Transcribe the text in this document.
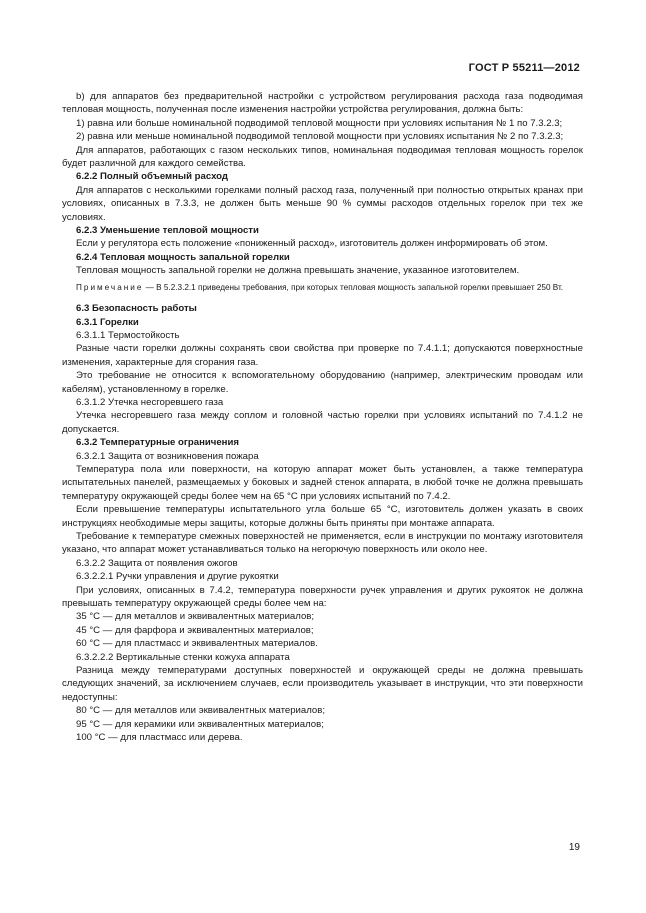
ГОСТ Р 55211—2012

b) для аппаратов без предварительной настройки с устройством регулирования расхода газа подводимая тепловая мощность, полученная после изменения настройки устройства регулирования, должна быть:

1) равна или больше номинальной подводимой тепловой мощности при условиях испытания № 1 по 7.3.2.3;

2) равна или меньше номинальной подводимой тепловой мощности при условиях испытания № 2 по 7.3.2.3;

Для аппаратов, работающих с газом нескольких типов, номинальная подводимая тепловая мощность горелок будет различной для каждого семейства.

6.2.2 Полный объемный расход

Для аппаратов с несколькими горелками полный расход газа, полученный при полностью открытых кранах при условиях, описанных в 7.3.3, не должен быть меньше 90 % суммы расходов отдельных горелок при тех же условиях.

6.2.3 Уменьшение тепловой мощности

Если у регулятора есть положение «пониженный расход», изготовитель должен информировать об этом.

6.2.4 Тепловая мощность запальной горелки

Тепловая мощность запальной горелки не должна превышать значение, указанное изготовителем.

Примечание — В 5.2.3.2.1 приведены требования, при которых тепловая мощность запальной горелки превышает 250 Вт.

6.3 Безопасность работы

6.3.1 Горелки

6.3.1.1 Термостойкость

Разные части горелки должны сохранять свои свойства при проверке по 7.4.1.1; допускаются поверхностные изменения, характерные для сгорания газа.

Это требование не относится к вспомогательному оборудованию (например, электрическим проводам или кабелям), установленному в горелке.

6.3.1.2 Утечка несгоревшего газа

Утечка несгоревшего газа между соплом и головной частью горелки при условиях испытаний по 7.4.1.2 не допускается.

6.3.2 Температурные ограничения

6.3.2.1 Защита от возникновения пожара

Температура пола или поверхности, на которую аппарат может быть установлен, а также температура испытательных панелей, размещаемых у боковых и задней стенок аппарата, в любой точке не должна превышать температуру окружающей среды более чем на 65 °С при условиях испытаний по 7.4.2.

Если превышение температуры испытательного угла больше 65 °С, изготовитель должен указать в своих инструкциях необходимые меры защиты, которые должны быть приняты при монтаже аппарата.

Требование к температуре смежных поверхностей не применяется, если в инструкции по монтажу изготовителя указано, что аппарат может устанавливаться только на негорючую поверхность или около нее.

6.3.2.2 Защита от появления ожогов

6.3.2.2.1 Ручки управления и другие рукоятки

При условиях, описанных в 7.4.2, температура поверхности ручек управления и других рукояток не должна превышать температуру окружающей среды более чем на:

35 °С — для металлов и эквивалентных материалов;

45 °С — для фарфора и эквивалентных материалов;

60 °С — для пластмасс и эквивалентных материалов.

6.3.2.2.2 Вертикальные стенки кожуха аппарата

Разница между температурами доступных поверхностей и окружающей среды не должна превышать следующих значений, за исключением случаев, если производитель указывает в инструкции, что эти поверхности недоступны:

80 °С — для металлов или эквивалентных материалов;

95 °С — для керамики или эквивалентных материалов;

100 °С — для пластмасс или дерева.

19
